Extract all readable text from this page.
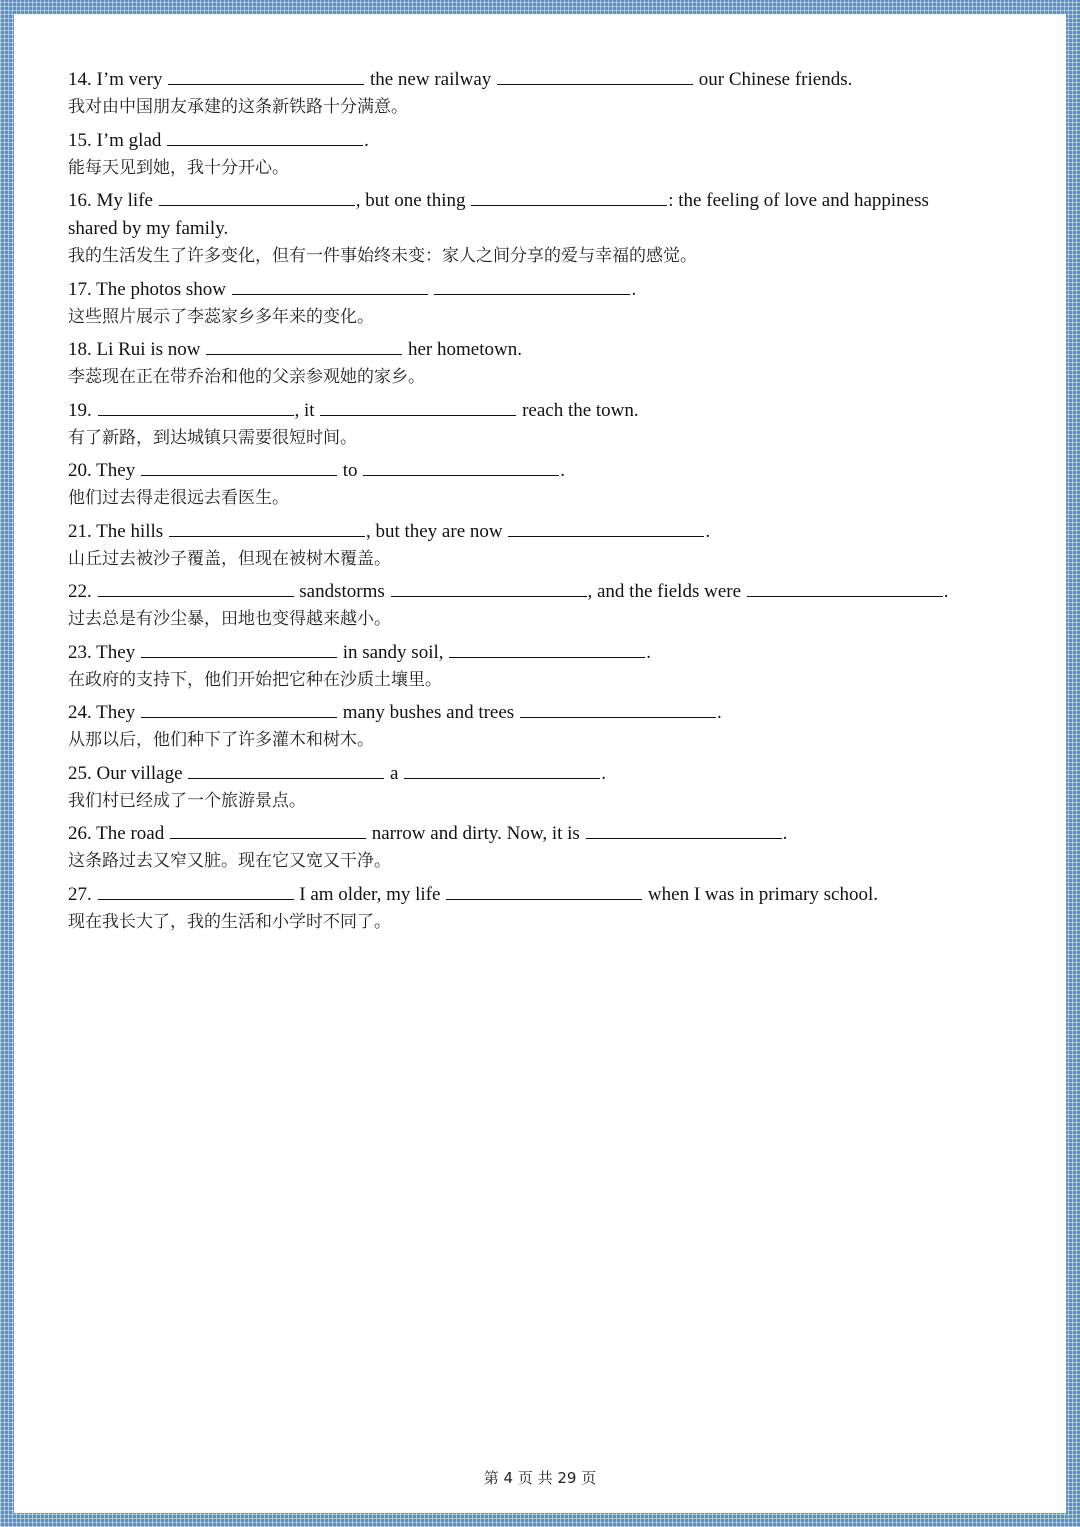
14. I’m very	the new railway	our Chinese friends.
我对由中国朋友承建的这条新铁路十分满意。
15. I’m glad	.
能每天见到她，我十分开心。
16. My life	, but one thing	: the feeling of love and happiness shared by my family.
我的生活发生了许多变化，但有一件事始终未变：家人之间分享的爱与幸福的感觉。
17. The photos show	.
这些照片展示了李蕊家乡多年来的变化。
18. Li Rui is now	her hometown.
李蕊现在正在带乔治和他的父亲参观她的家乡。
19.	, it	reach the town.
有了新路，到达城镇只需要很短时间。
20. They	to	.
他们过去得走很远去看医生。
21. The hills	, but they are now	.
山丘过去被沙子覆盖，但现在被树木覆盖。
22.	sandstorms	, and the fields were	.
过去总是有沙尘暴，田地也变得越来越小。
23. They	in sandy soil,	.
在政府的支持下，他们开始把它种在沙质土壤里。
24. They	many bushes and trees	.
从那以后，他们种下了许多灌木和树木。
25. Our village	a	.
我们村已经成了一个旅游景点。
26. The road	narrow and dirty. Now, it is	.
这条路过去又窄又脏。现在它又宽又干净。
27.	I am older, my life	when I was in primary school.
现在我长大了，我的生活和小学时不同了。
第 4 页 共 29 页
